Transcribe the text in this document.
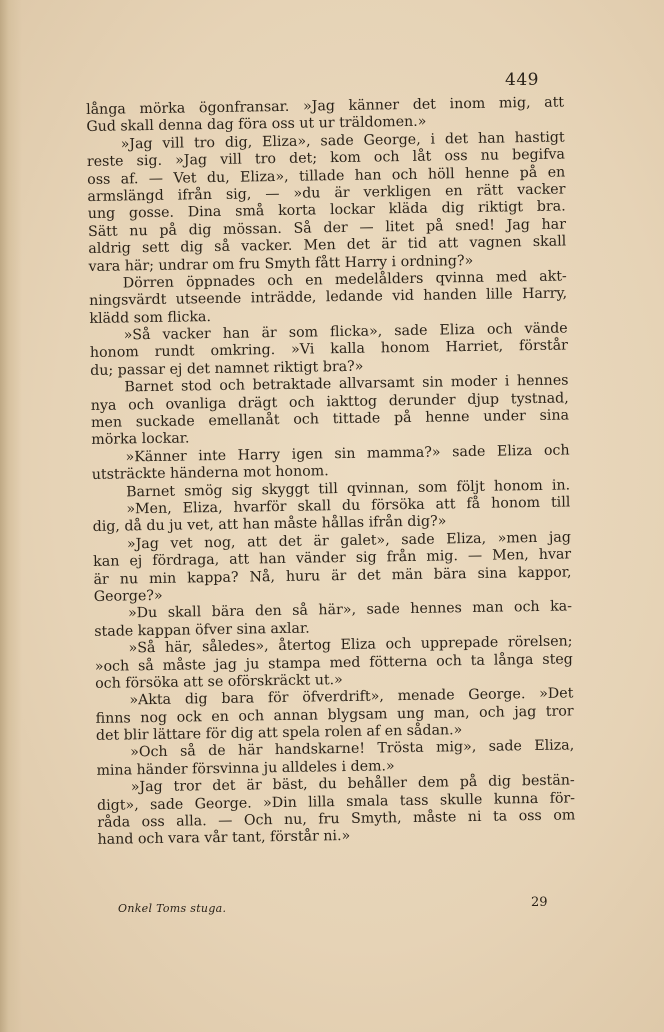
449
långa mörka ögonfransar. »Jag känner det inom mig, att
Gud skall denna dag föra oss ut ur träldomen.»
»Jag vill tro dig, Eliza», sade George, i det han hastigt
reste sig. »Jag vill tro det; kom och låt oss nu begifva
oss af. — Vet du, Eliza», tillade han och höll henne på en
armslängd ifrån sig, — »du är verkligen en rätt vacker
ung gosse. Dina små korta lockar kläda dig riktigt bra.
Sätt nu på dig mössan. Så der — litet på sned! Jag har
aldrig sett dig så vacker. Men det är tid att vagnen skall
vara här; undrar om fru Smyth fått Harry i ordning?»
Dörren öppnades och en medelålders qvinna med akt-
ningsvärdt utseende inträdde, ledande vid handen lille Harry,
klädd som flicka.
»Så vacker han är som flicka», sade Eliza och vände
honom rundt omkring. »Vi kalla honom Harriet, förstår
du; passar ej det namnet riktigt bra?»
Barnet stod och betraktade allvarsamt sin moder i hennes
nya och ovanliga drägt och iakttog derunder djup tystnad,
men suckade emellanåt och tittade på henne under sina
mörka lockar.
»Känner inte Harry igen sin mamma?» sade Eliza och
utsträckte händerna mot honom.
Barnet smög sig skyggt till qvinnan, som följt honom in.
»Men, Eliza, hvarför skall du försöka att få honom till
dig, då du ju vet, att han måste hållas ifrån dig?»
»Jag vet nog, att det är galet», sade Eliza, »men jag
kan ej fördraga, att han vänder sig från mig. — Men, hvar
är nu min kappa? Nå, huru är det män bära sina kappor,
George?»
»Du skall bära den så här», sade hennes man och ka-
stade kappan öfver sina axlar.
»Så här, således», återtog Eliza och upprepade rörelsen;
»och så måste jag ju stampa med fötterna och ta långa steg
och försöka att se oförskräckt ut.»
»Akta dig bara för öfverdrift», menade George. »Det
finns nog ock en och annan blygsam ung man, och jag tror
det blir lättare för dig att spela rolen af en sådan.»
»Och så de här handskarne! Trösta mig», sade Eliza,
mina händer försvinna ju alldeles i dem.»
»Jag tror det är bäst, du behåller dem på dig bestän-
digt», sade George. »Din lilla smala tass skulle kunna för-
råda oss alla. — Och nu, fru Smyth, måste ni ta oss om
hand och vara vår tant, förstår ni.»
Onkel Toms stuga.	29
